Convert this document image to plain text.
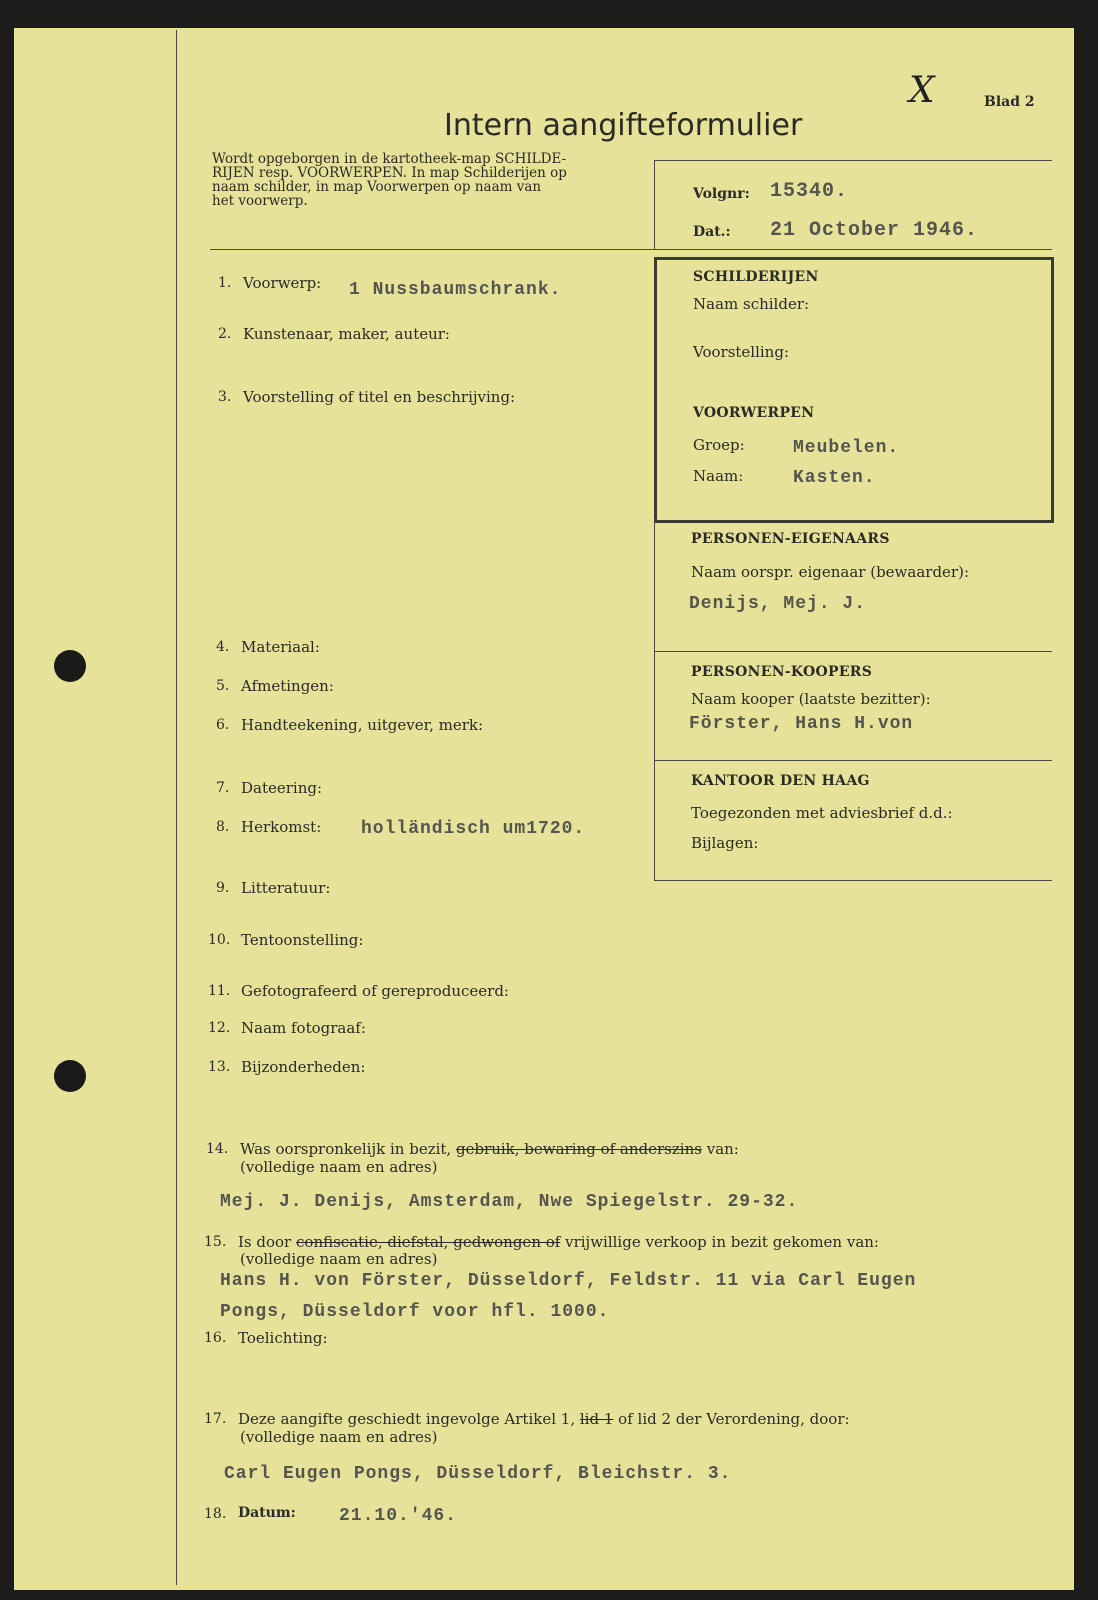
X	Blad 2
Intern aangifteformulier
Wordt opgeborgen in de kartotheek-map SCHILDE-
RIJEN resp. VOORWERPEN. In map Schilderijen op
naam schilder, in map Voorwerpen op naam van
het voorwerp.	Volgnr: 15340.
Dat.: 21 October 1946.
1. Voorwerp: 1 Nussbaumschrank.
2. Kunstenaar, maker, auteur:
3. Voorstelling of titel en beschrijving:
4. Materiaal:
5. Afmetingen:
6. Handteekening, uitgever, merk:
7. Dateering:
8. Herkomst: holländisch um1720.
9. Litteratuur:
10. Tentoonstelling:
11. Gefotografeerd of gereproduceerd:
12. Naam fotograaf:
13. Bijzonderheden:
14. Was oorspronkelijk in bezit, gebruik, bewaring of anderszins van:
(volledige naam en adres)
Mej. J. Denijs, Amsterdam, Nwe Spiegelstr. 29-32.
15. Is door confiscatie, diefstal, gedwongen of vrijwillige verkoop in bezit gekomen van:
(volledige naam en adres)
Hans H. von Förster, Düsseldorf, Feldstr. 11 via Carl Eugen
Pongs, Düsseldorf voor hfl. 1000.
16. Toelichting:
17. Deze aangifte geschiedt ingevolge Artikel 1, lid 1 of lid 2 der Verordening, door:
(volledige naam en adres)
Carl Eugen Pongs, Düsseldorf, Bleichstr. 3.
18. Datum: 21.10.'46.
SCHILDERIJEN
Naam schilder:
Voorstelling:
VOORWERPEN
Groep:	Meubelen.
Naam:	Kasten.
PERSONEN-EIGENAARS
Naam oorspr. eigenaar (bewaarder):
Denijs, Mej. J.
PERSONEN-KOOPERS
Naam kooper (laatste bezitter):
Förster, Hans H.von
KANTOOR DEN HAAG
Toegezonden met adviesbrief d.d.:
Bijlagen:
